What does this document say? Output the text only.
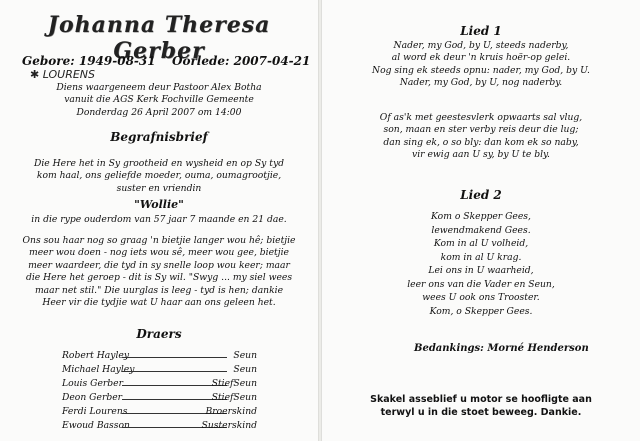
Johanna Theresa Gerber
Gebore: 1949-08-31 Oorlede: 2007-04-21
✱ LOURENS
Diens waargeneem deur Pastoor Alex Botha
vanuit die AGS Kerk Fochville Gemeente
Donderdag 26 April 2007 om 14:00
Begrafnisbrief
Die Here het in Sy grootheid en wysheid en op Sy tyd
kom haal, ons geliefde moeder, ouma, oumagrootjie,
suster en vriendin
"Wollie"
in die rype ouderdom van 57 jaar 7 maande en 21 dae.
Ons sou haar nog so graag 'n bietjie langer wou hê; bietjie
meer wou doen - nog iets wou sê, meer wou gee, bietjie
meer waardeer, die tyd in sy snelle loop wou keer; maar
die Here het geroep - dit is Sy wil. "Swyg ... my siel wees
maar net stil." Die uurglas is leeg - tyd is hen; dankie
Heer vir die tydjie wat U haar aan ons geleen het.
Draers
Robert Hayley	Seun
Michael Hayley	Seun
Louis Gerber	StiefSeun
Deon Gerber	StiefSeun
Ferdi Lourens	Broerskind
Ewoud Basson	Susterskind
Lied 1
Nader, my God, by U, steeds naderby,
al word ek deur 'n kruis hoër-op gelei.
Nog sing ek steeds opnu: nader, my God, by U.
Nader, my God, by U, nog naderby.
Of as'k met geestesvlerk opwaarts sal vlug,
son, maan en ster verby reis deur die lug;
dan sing ek, o so bly: dan kom ek so naby,
vir ewig aan U sy, by U te bly.
Lied 2
Kom o Skepper Gees,
lewendmakend Gees.
Kom in al U volheid,
kom in al U krag.
Lei ons in U waarheid,
leer ons van die Vader en Seun,
wees U ook ons Trooster.
Kom, o Skepper Gees.
Bedankings: Morné Henderson
Skakel asseblief u motor se hoofligte aan
terwyl u in die stoet beweeg. Dankie.
